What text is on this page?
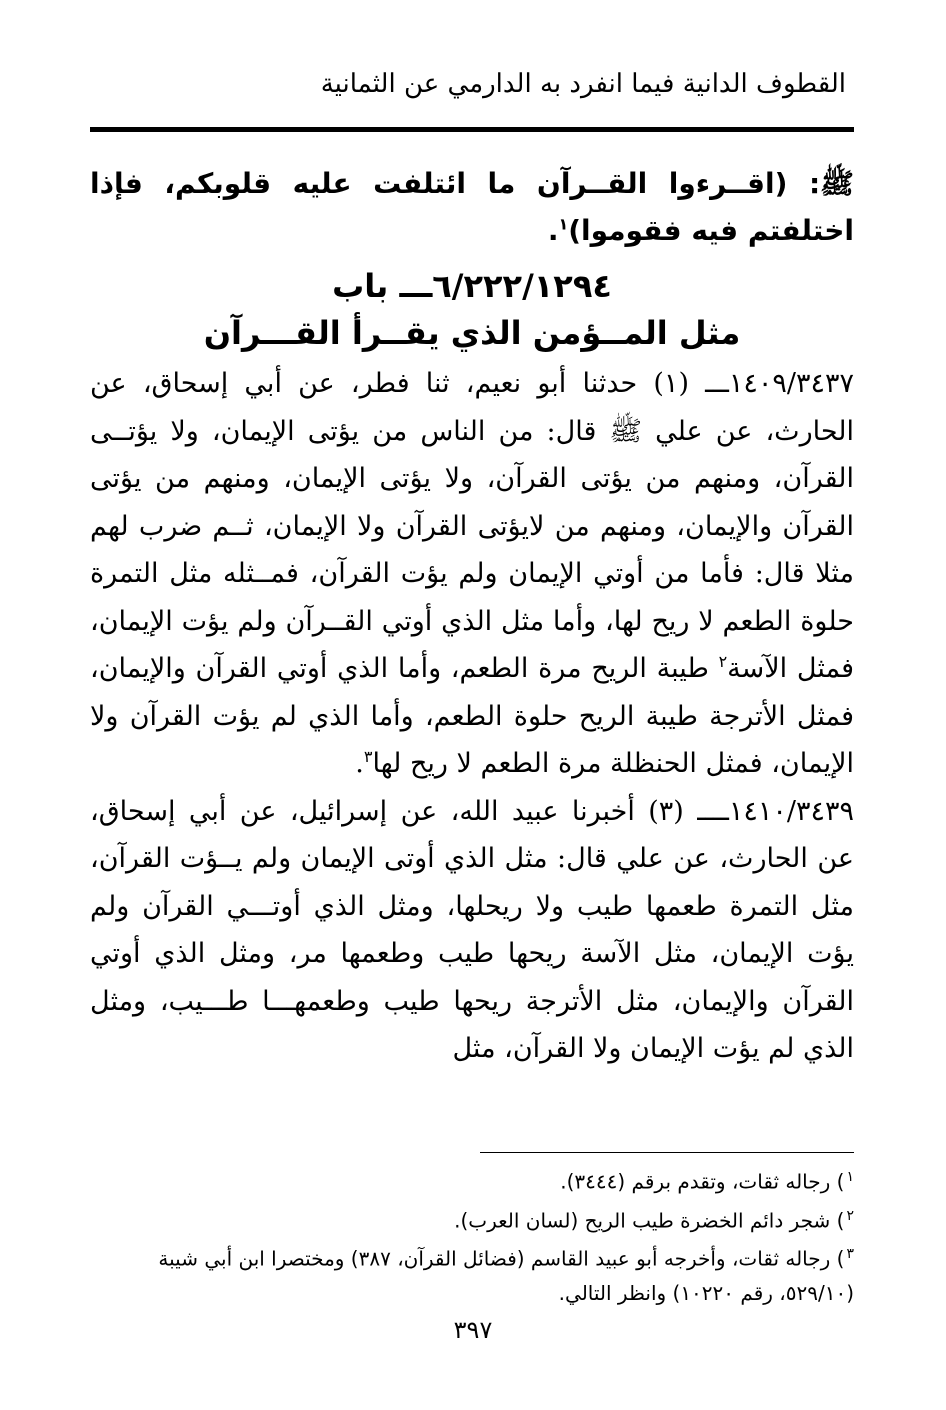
القطوف الدانية فيما انفرد به الدارمي عن الثمانية

ﷺ: (اقــرءوا القــرآن ما ائتلفت عليه قلوبكم، فإذا اختلفتم فيه فقوموا)$^١$.

٦/٢٢٢/١٢٩٤ـــ باب
مثل المــؤمن الذي يقــرأ القـــرآن

١٤٠٩/٣٤٣٧ـــ (١) حدثنا أبو نعيم، ثنا فطر، عن أبي إسحاق، عن الحارث، عن علي ﷺ قال: من الناس من يؤتى الإيمان، ولا يؤتــى القرآن، ومنهم من يؤتى القرآن، ولا يؤتى الإيمان، ومنهم من يؤتى القرآن والإيمان، ومنهم من لايؤتى القرآن ولا الإيمان، ثــم ضرب لهم مثلا قال: فأما من أوتي الإيمان ولم يؤت القرآن، فمــثله مثل التمرة حلوة الطعم لا ريح لها، وأما مثل الذي أوتي القــرآن ولم يؤت الإيمان، فمثل الآسة$^٢$ طيبة الريح مرة الطعم، وأما الذي أوتي القرآن والإيمان، فمثل الأترجة طيبة الريح حلوة الطعم، وأما الذي لم يؤت القرآن ولا الإيمان، فمثل الحنظلة مرة الطعم لا ريح لها$^٣$.

١٤١٠/٣٤٣٩ــــ (٣) أخبرنا عبيد الله، عن إسرائيل، عن أبي إسحاق، عن الحارث، عن علي قال: مثل الذي أوتى الإيمان ولم يــؤت القرآن، مثل التمرة طعمها طيب ولا ريحلها، ومثل الذي أوتـــي القرآن ولم يؤت الإيمان، مثل الآسة ريحها طيب وطعمها مر، ومثل الذي أوتي القرآن والإيمان، مثل الأترجة ريحها طيب وطعمهـــا طـــيب، ومثل الذي لم يؤت الإيمان ولا القرآن، مثل

$^١$) رجاله ثقات، وتقدم برقم (٣٤٤٤).

$^٢$) شجر دائم الخضرة طيب الريح (لسان العرب).

$^٣$) رجاله ثقات، وأخرجه أبو عبيد القاسم (فضائل القرآن، ٣٨٧) ومختصرا ابن أبي شيبة (٥٢٩/١٠، رقم ١٠٢٢٠) وانظر التالي.

٣٩٧
